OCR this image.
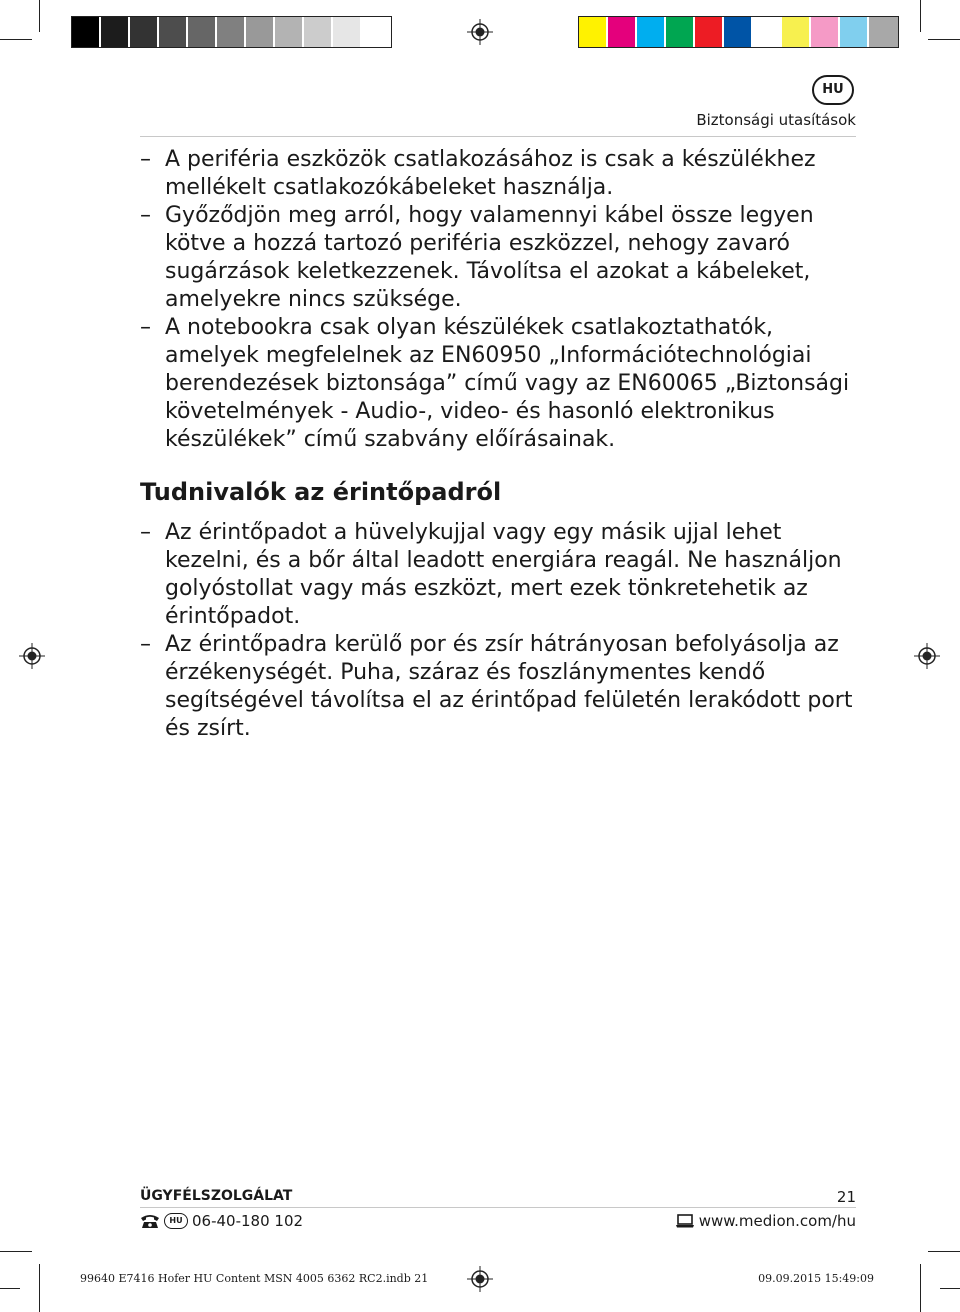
HU
Biztonsági utasítások
– A periféria eszközök csatlakozásához is csak a készülékhez mellékelt csatlakozókábeleket használja.
– Győződjön meg arról, hogy valamennyi kábel össze legyen kötve a hozzá tartozó periféria eszközzel, nehogy zavaró sugárzások keletkezzenek. Távolítsa el azokat a kábeleket, amelyekre nincs szüksége.
– A notebookra csak olyan készülékek csatlakoztathatók, amelyek megfelelnek az EN60950 „Információtechnológiai berendezések biztonsága” című vagy az EN60065 „Biztonsági követelmények - Audio-, video- és hasonló elektronikus készülékek” című szabvány előírásainak.
Tudnivalók az érintőpadról
– Az érintőpadot a hüvelykujjal vagy egy másik ujjal lehet kezelni, és a bőr által leadott energiára reagál. Ne használjon golyóstollat vagy más eszközt, mert ezek tönkretehetik az érintőpadot.
– Az érintőpadra kerülő por és zsír hátrányosan befolyásolja az érzékenységét. Puha, száraz és foszlánymentes kendő segítségével távolítsa el az érintőpad felületén lerakódott port és zsírt.
ÜGYFÉLSZOLGÁLAT	21
HU 06-40-180 102	www.medion.com/hu
99640 E7416 Hofer HU Content MSN 4005 6362 RC2.indb 21	09.09.2015 15:49:09
